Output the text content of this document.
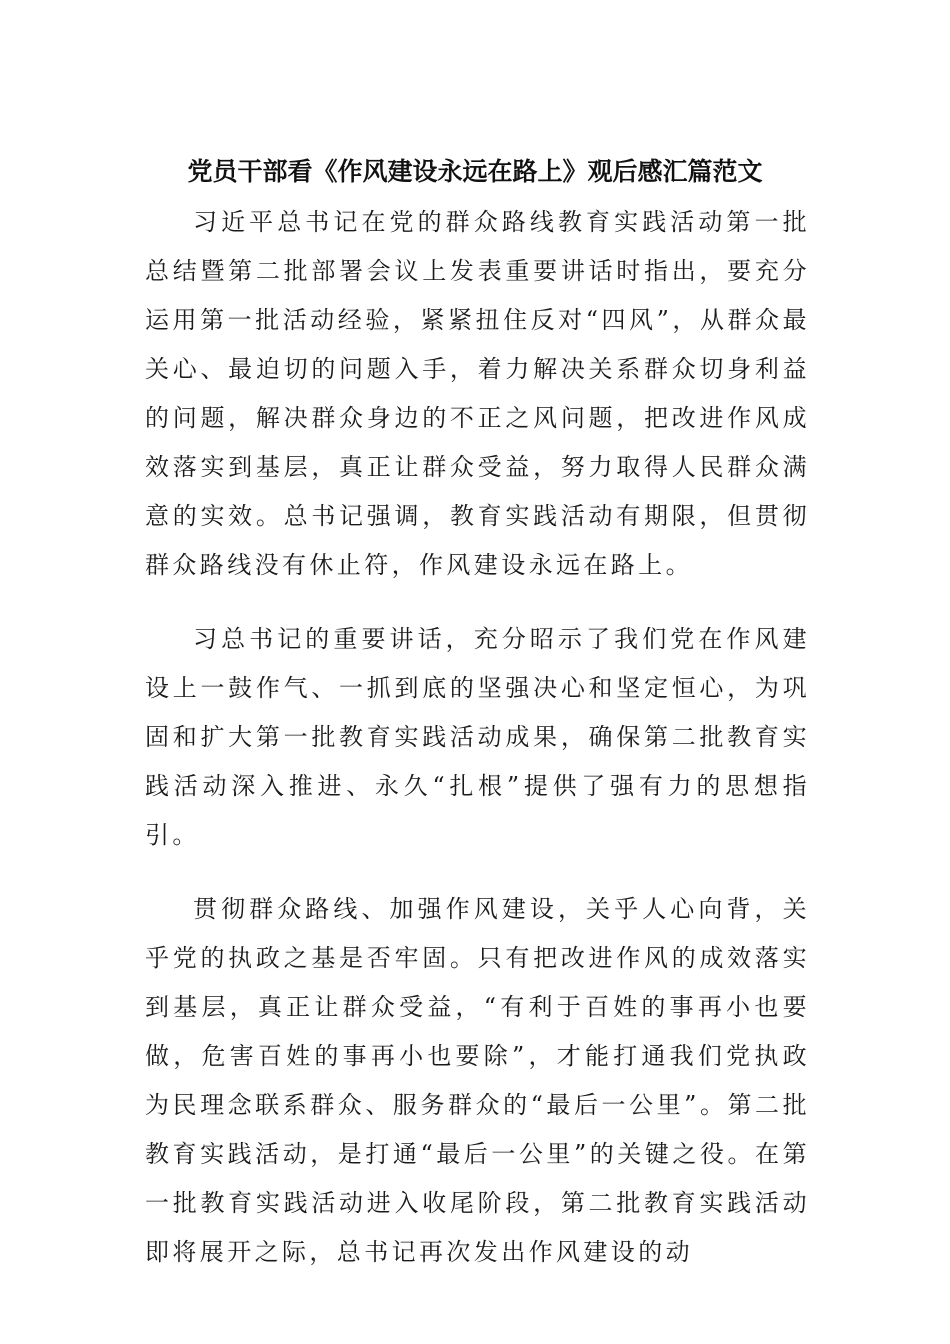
党员干部看《作风建设永远在路上》观后感汇篇范文

习近平总书记在党的群众路线教育实践活动第一批总结暨第二批部署会议上发表重要讲话时指出，要充分运用第一批活动经验，紧紧扭住反对“四风”，从群众最关心、最迫切的问题入手，着力解决关系群众切身利益的问题，解决群众身边的不正之风问题，把改进作风成效落实到基层，真正让群众受益，努力取得人民群众满意的实效。总书记强调，教育实践活动有期限，但贯彻群众路线没有休止符，作风建设永远在路上。

习总书记的重要讲话，充分昭示了我们党在作风建设上一鼓作气、一抓到底的坚强决心和坚定恒心，为巩固和扩大第一批教育实践活动成果，确保第二批教育实践活动深入推进、永久“扎根”提供了强有力的思想指引。

贯彻群众路线、加强作风建设，关乎人心向背，关乎党的执政之基是否牢固。只有把改进作风的成效落实到基层，真正让群众受益，“有利于百姓的事再小也要做，危害百姓的事再小也要除”，才能打通我们党执政为民理念联系群众、服务群众的“最后一公里”。第二批教育实践活动，是打通“最后一公里”的关键之役。在第一批教育实践活动进入收尾阶段，第二批教育实践活动即将展开之际，总书记再次发出作风建设的动
